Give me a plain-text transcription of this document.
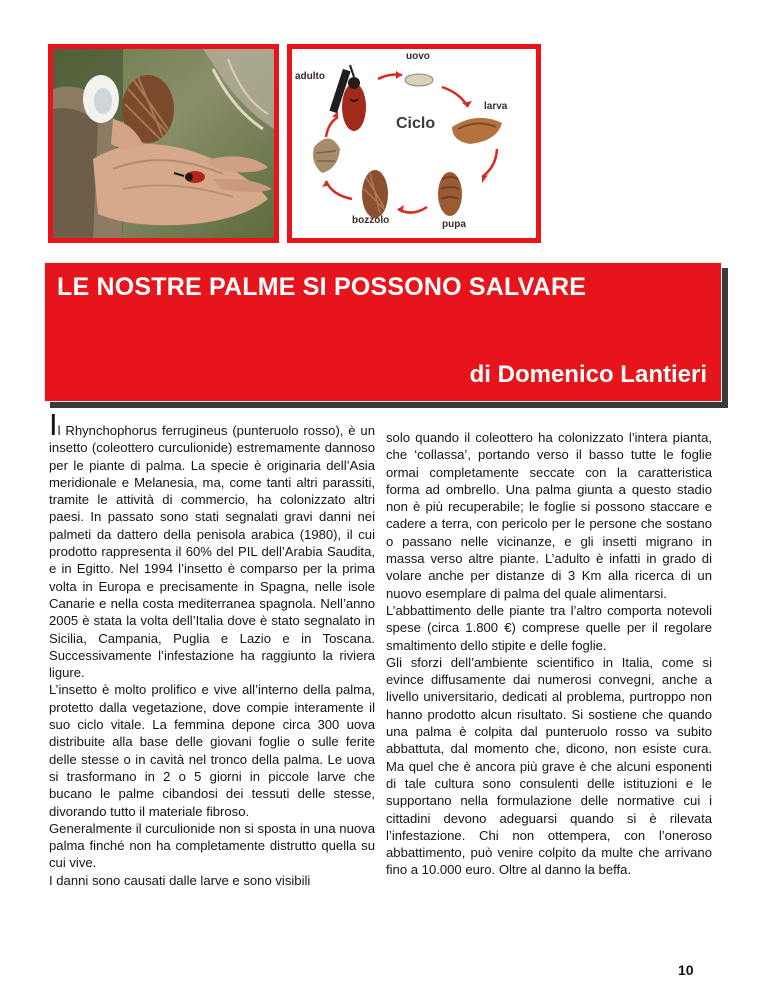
Ciclo
uovo
adulto
larva
pupa
bozzolo
LE NOSTRE PALME SI POSSONO SALVARE
di Domenico Lantieri

Il Rhynchophorus ferrugineus (punteruolo rosso), è un insetto (coleottero curculionide) estremamente dannoso per le piante di palma. La specie è originaria dell’Asia meridionale e Melanesia, ma, come tanti altri parassiti, tramite le attività di commercio, ha colonizzato altri paesi. In passato sono stati segnalati gravi danni nei palmeti da dattero della penisola arabica (1980), il cui prodotto rappresenta il 60% del PIL dell’Arabia Saudita, e in Egitto. Nel 1994 l’insetto è comparso per la prima volta in Europa e precisamente in Spagna, nelle isole Canarie e nella costa mediterranea spagnola. Nell’anno 2005 è stata la volta dell’Italia dove è stato segnalato in Sicilia, Campania, Puglia e Lazio e in Toscana. Successivamente l’infestazione ha raggiunto la riviera ligure.

L’insetto è molto prolifico e vive all’interno della palma, protetto dalla vegetazione, dove compie interamente il suo ciclo vitale. La femmina depone circa 300 uova distribuite alla base delle giovani foglie o sulle ferite delle stesse o in cavità nel tronco della palma. Le uova si trasformano in 2 o 5 giorni in piccole larve che bucano le palme cibandosi dei tessuti delle stesse, divorando tutto il materiale fibroso.

Generalmente il curculionide non si sposta in una nuova palma finché non ha completamente distrutto quella su cui vive.

I danni sono causati dalle larve e sono visibili

solo quando il coleottero ha colonizzato l’intera pianta, che ‘collassa’, portando verso il basso tutte le foglie ormai completamente seccate con la caratteristica forma ad ombrello. Una palma giunta a questo stadio non è più recuperabile; le foglie si possono staccare e cadere a terra, con pericolo per le persone che sostano o passano nelle vicinanze, e gli insetti migrano in massa verso altre piante. L’adulto è infatti in grado di volare anche per distanze di 3 Km alla ricerca di un nuovo esemplare di palma del quale alimentarsi.

L’abbattimento delle piante tra l’altro comporta notevoli spese (circa 1.800 €) comprese quelle per il regolare smaltimento dello stipite e delle foglie.

Gli sforzi dell’ambiente scientifico in Italia, come si evince diffusamente dai numerosi convegni, anche a livello universitario, dedicati al problema, purtroppo non hanno prodotto alcun risultato. Si sostiene che quando una palma è colpita dal punteruolo rosso va subito abbattuta, dal momento che, dicono, non esiste cura. Ma quel che è ancora più grave è che alcuni esponenti di tale cultura sono consulenti delle istituzioni e le supportano nella formulazione delle normative cui i cittadini devono adeguarsi quando si è rilevata l’infestazione. Chi non ottempera, con l’oneroso abbattimento, può venire colpito da multe che arrivano fino a 10.000 euro. Oltre al danno la beffa.

10
